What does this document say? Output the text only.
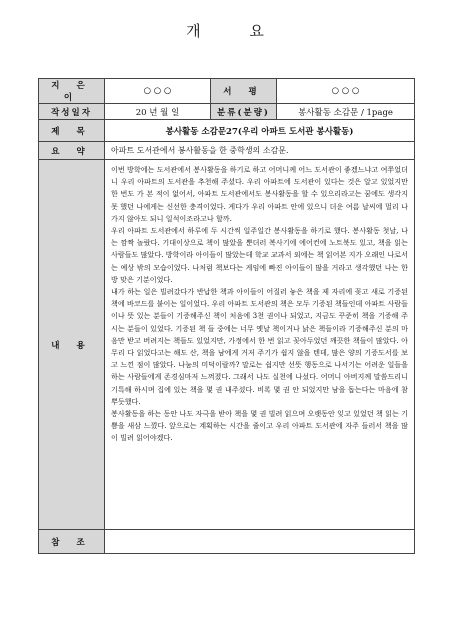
개 요
지 은 이	○ ○ ○	서 평	○ ○ ○
작성일자	20 년 월 일	분류(분량)	봉사활동 소감문 / 1page
제 목	봉사활동 소감문27(우리 아파트 도서관 봉사활동)		
요 약	아파트 도서관에서 봉사활동을 한 중학생의 소감문.		
내 용	이번 방학에는 도서관에서 봉사활동을 하기로 하고 어머니께 어느 도서관이 좋겠느냐고 여쭈었더니 우리 아파트의 도서관을 추천해 주셨다. 우리 아파트에 도서관이 있다는 것은 알고 있었지만 한 번도 가 본 적이 없어서, 아파트 도서관에서도 봉사활동을 할 수 있으리라고는 꿈에도 생각지 못 했던 나에게는 신선한 충격이었다. 게다가 우리 아파트 안에 있으니 더운 여름 날씨에 멀리 나가지 않아도 되니 일석이조라고나 할까.

우리 아파트 도서관에서 하루에 두 시간씩 일주일간 봉사활동을 하기로 했다. 봉사활동 첫날, 나는 깜짝 놀랐다. 기대이상으로 책이 많았을 뿐더러 복사기에 에어컨에 노트북도 있고, 책을 읽는 사람들도 많았다. 방학이라 아이들이 많았는데 학교 교과서 외에는 책 읽어본 지가 오래인 나로서는 예상 밖의 모습이었다. 나처럼 책보다는 게임에 빠진 아이들이 많을 거라고 생각했던 나는 한 방 맞은 기분이었다.

내가 하는 일은 빌려갔다가 반납한 책과 아이들이 어질러 놓은 책을 제 자리에 꽂고 새로 기증된 책에 바코드를 붙이는 일이었다. 우리 아파트 도서관의 책은 모두 기증된 책들인데 아파트 사람들이나 뜻 있는 분들이 기증해주신 책이 처음에 3천 권이나 되었고, 지금도 꾸준히 책을 기증해 주시는 분들이 있었다. 기증된 책 들 중에는 너무 옛날 책이거나 낡은 책들이라 기증해주신 분의 마음만 받고 버려지는 책들도 있었지만, 가정에서 한 번 읽고 꽂아두었던 깨끗한 책들이 많았다. 아무리 다 읽었다고는 해도 산, 책을 남에게 거저 주기가 쉽지 않을 텐데, 많은 양의 기증도서를 보고 느낀 점이 많았다. 나눔의 미덕이랄까? 말로는 쉽지만 선뜻 행동으로 나서기는 어려운 일들을 하는 사람들에게 존경심마저 느껴졌다. 그래서 나도 실천에 나섰다. 어머니 아버지께 말씀드리니 기특해 하시며 집에 있는 책을 몇 권 내주셨다. 비록 몇 권 안 되었지만 남을 돕는다는 마음에 참 뿌듯했다.

봉사활동을 하는 동안 나도 자극을 받아 책을 몇 권 빌려 읽으며 오랫동안 잊고 있었던 책 읽는 기쁨을 새삼 느꼈다. 앞으로는 계획하는 시간을 줄이고 우리 아파트 도서관에 자주 들러서 책을 많이 빌려 읽어야겠다.		

참 조			
